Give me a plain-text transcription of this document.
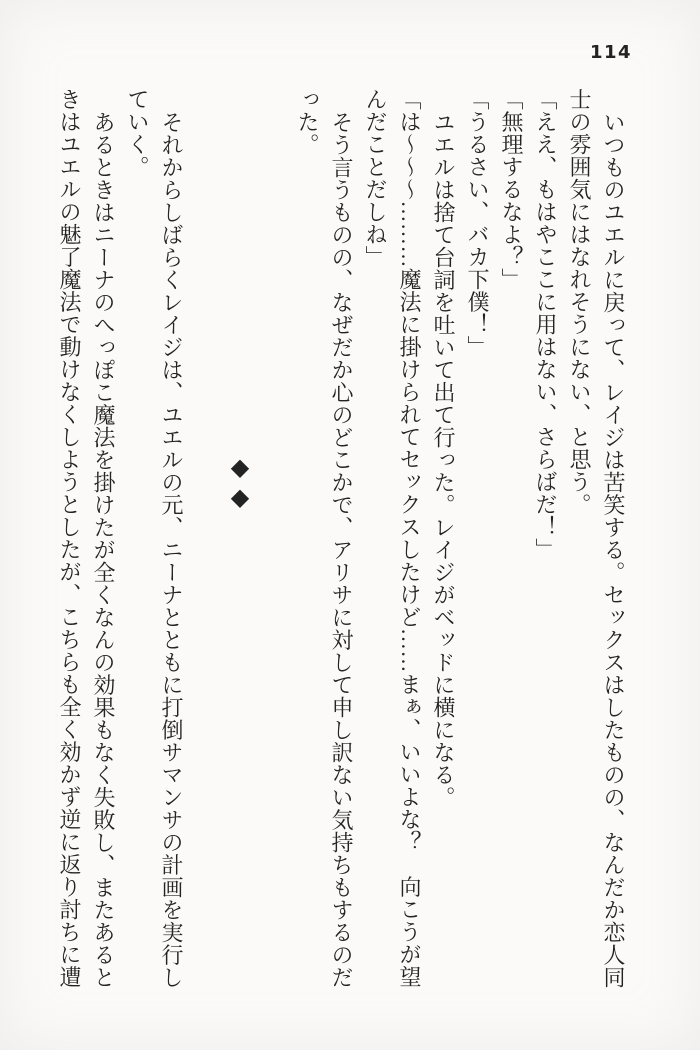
114
いつものユエルに戻って、レイジは苦笑する。セックスはしたものの、なんだか恋人同
士の雰囲気にはなれそうにない、と思う。
「ええ、もはやここに用はない、さらばだ！」
「無理するなよ？」
「うるさい、バカ下僕！」
ユエルは捨て台詞を吐いて出て行った。レイジがベッドに横になる。
「は～～～………魔法に掛けられてセックスしたけど……まぁ、いいよな？　向こうが望
んだことだしね」
そう言うものの、なぜだか心のどこかで、アリサに対して申し訳ない気持ちもするのだ
った。
◆◆
それからしばらくレイジは、ユエルの元、ニーナとともに打倒サマンサの計画を実行し
ていく。
あるときはニーナのへっぽこ魔法を掛けたが全くなんの効果もなく失敗し、またあると
きはユエルの魅了魔法で動けなくしようとしたが、こちらも全く効かず逆に返り討ちに遭
